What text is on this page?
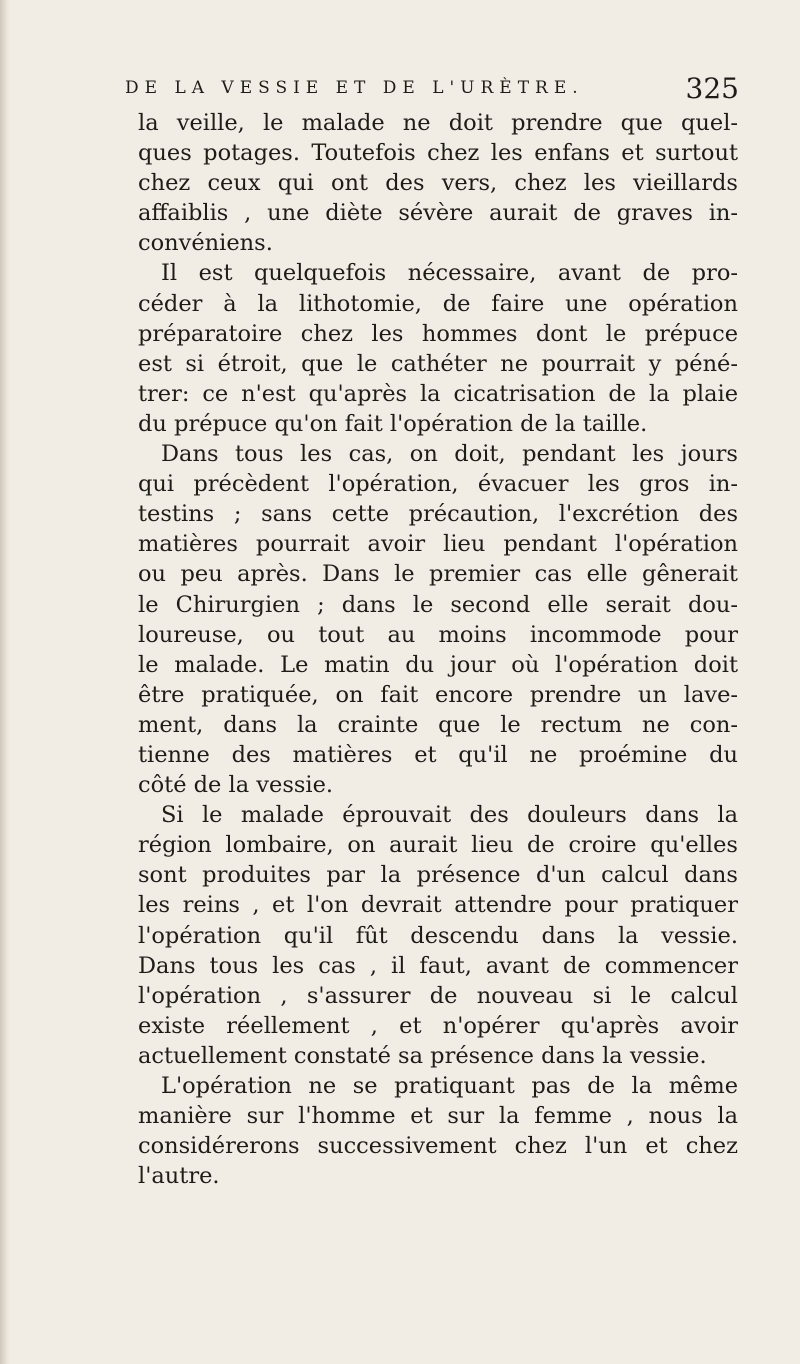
DE LA VESSIE ET DE L'URÈTRE.	325
la veille, le malade ne doit prendre que quel-
ques potages. Toutefois chez les enfans et surtout
chez ceux qui ont des vers, chez les vieillards
affaiblis , une diète sévère aurait de graves in-
convéniens.
Il est quelquefois nécessaire, avant de pro-
céder à la lithotomie, de faire une opération
préparatoire chez les hommes dont le prépuce
est si étroit, que le cathéter ne pourrait y péné-
trer: ce n'est qu'après la cicatrisation de la plaie
du prépuce qu'on fait l'opération de la taille.
Dans tous les cas, on doit, pendant les jours
qui précèdent l'opération, évacuer les gros in-
testins ; sans cette précaution, l'excrétion des
matières pourrait avoir lieu pendant l'opération
ou peu après. Dans le premier cas elle gênerait
le Chirurgien ; dans le second elle serait dou-
loureuse, ou tout au moins incommode pour
le malade. Le matin du jour où l'opération doit
être pratiquée, on fait encore prendre un lave-
ment, dans la crainte que le rectum ne con-
tienne des matières et qu'il ne proémine du
côté de la vessie.
Si le malade éprouvait des douleurs dans la
région lombaire, on aurait lieu de croire qu'elles
sont produites par la présence d'un calcul dans
les reins , et l'on devrait attendre pour pratiquer
l'opération qu'il fût descendu dans la vessie.
Dans tous les cas , il faut, avant de commencer
l'opération , s'assurer de nouveau si le calcul
existe réellement , et n'opérer qu'après avoir
actuellement constaté sa présence dans la vessie.
L'opération ne se pratiquant pas de la même
manière sur l'homme et sur la femme , nous la
considérerons successivement chez l'un et chez
l'autre.
